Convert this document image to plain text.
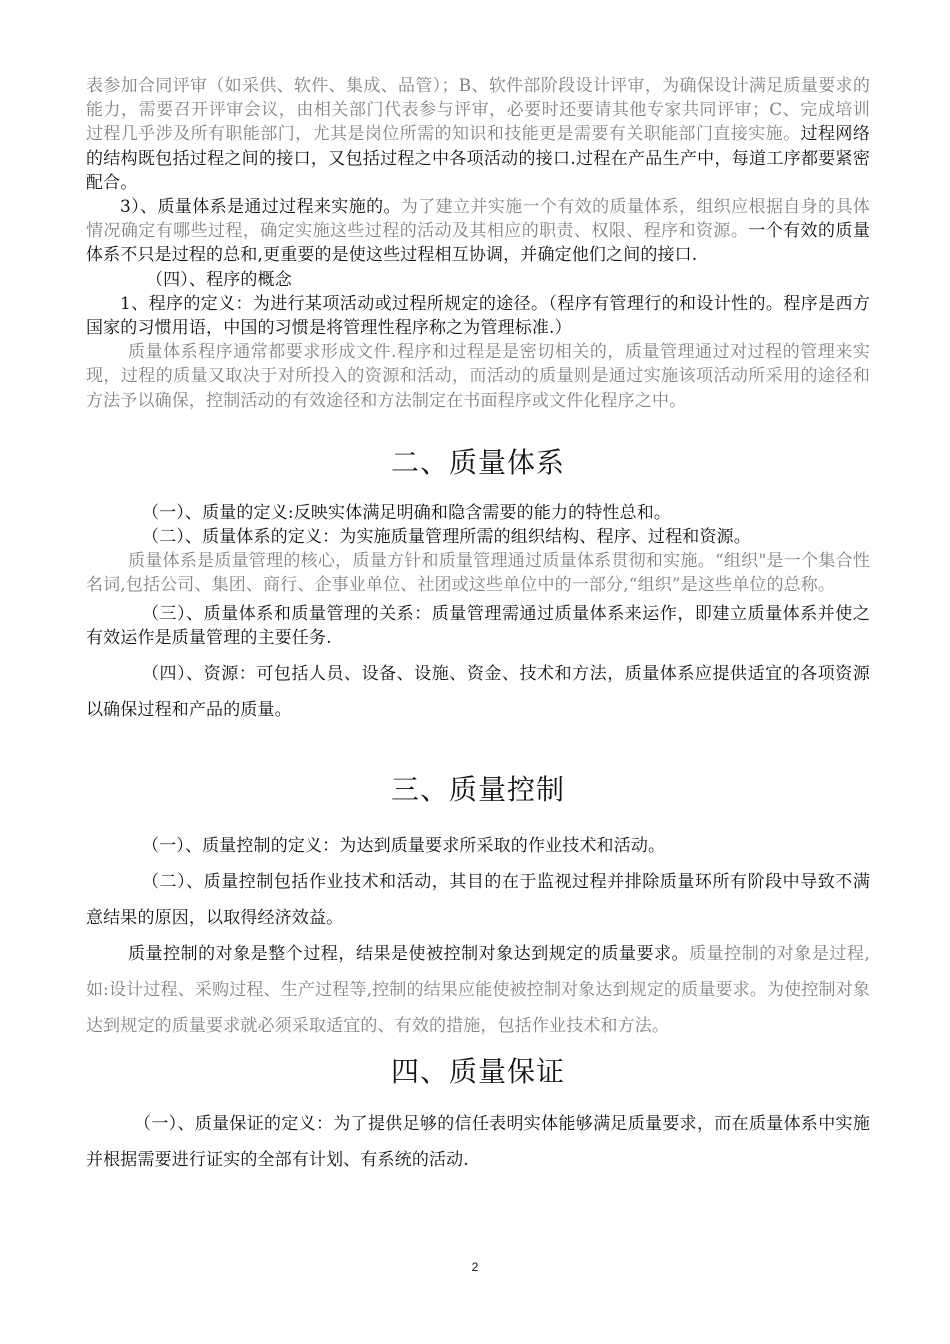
表参加合同评审（如采供、软件、集成、品管）；B、软件部阶段设计评审，为确保设计满足质量要求的能力，需要召开评审会议，由相关部门代表参与评审，必要时还要请其他专家共同评审；C、完成培训过程几乎涉及所有职能部门，尤其是岗位所需的知识和技能更是需要有关职能部门直接实施。过程网络的结构既包括过程之间的接口，又包括过程之中各项活动的接口.过程在产品生产中，每道工序都要紧密配合。

3）、质量体系是通过过程来实施的。为了建立并实施一个有效的质量体系，组织应根据自身的具体情况确定有哪些过程，确定实施这些过程的活动及其相应的职责、权限、程序和资源。一个有效的质量体系不只是过程的总和,更重要的是使这些过程相互协调，并确定他们之间的接口.

（四）、程序的概念

1、程序的定义：为进行某项活动或过程所规定的途径。（程序有管理行的和设计性的。程序是西方国家的习惯用语，中国的习惯是将管理性程序称之为管理标准.）

质量体系程序通常都要求形成文件.程序和过程是是密切相关的，质量管理通过对过程的管理来实现，过程的质量又取决于对所投入的资源和活动，而活动的质量则是通过实施该项活动所采用的途径和方法予以确保，控制活动的有效途径和方法制定在书面程序或文件化程序之中。

二、质量体系

（一）、质量的定义:反映实体满足明确和隐含需要的能力的特性总和。

（二）、质量体系的定义：为实施质量管理所需的组织结构、程序、过程和资源。

质量体系是质量管理的核心，质量方针和质量管理通过质量体系贯彻和实施。“组织"是一个集合性名词,包括公司、集团、商行、企事业单位、社团或这些单位中的一部分,“组织”是这些单位的总称。

（三）、质量体系和质量管理的关系：质量管理需通过质量体系来运作，即建立质量体系并使之有效运作是质量管理的主要任务.

（四）、资源：可包括人员、设备、设施、资金、技术和方法，质量体系应提供适宜的各项资源以确保过程和产品的质量。

三、质量控制

（一）、质量控制的定义：为达到质量要求所采取的作业技术和活动。

（二）、质量控制包括作业技术和活动，其目的在于监视过程并排除质量环所有阶段中导致不满意结果的原因，以取得经济效益。

质量控制的对象是整个过程，结果是使被控制对象达到规定的质量要求。质量控制的对象是过程,如:设计过程、采购过程、生产过程等,控制的结果应能使被控制对象达到规定的质量要求。为使控制对象达到规定的质量要求就必须采取适宜的、有效的措施，包括作业技术和方法。

四、质量保证

（一）、质量保证的定义：为了提供足够的信任表明实体能够满足质量要求，而在质量体系中实施并根据需要进行证实的全部有计划、有系统的活动.

2
